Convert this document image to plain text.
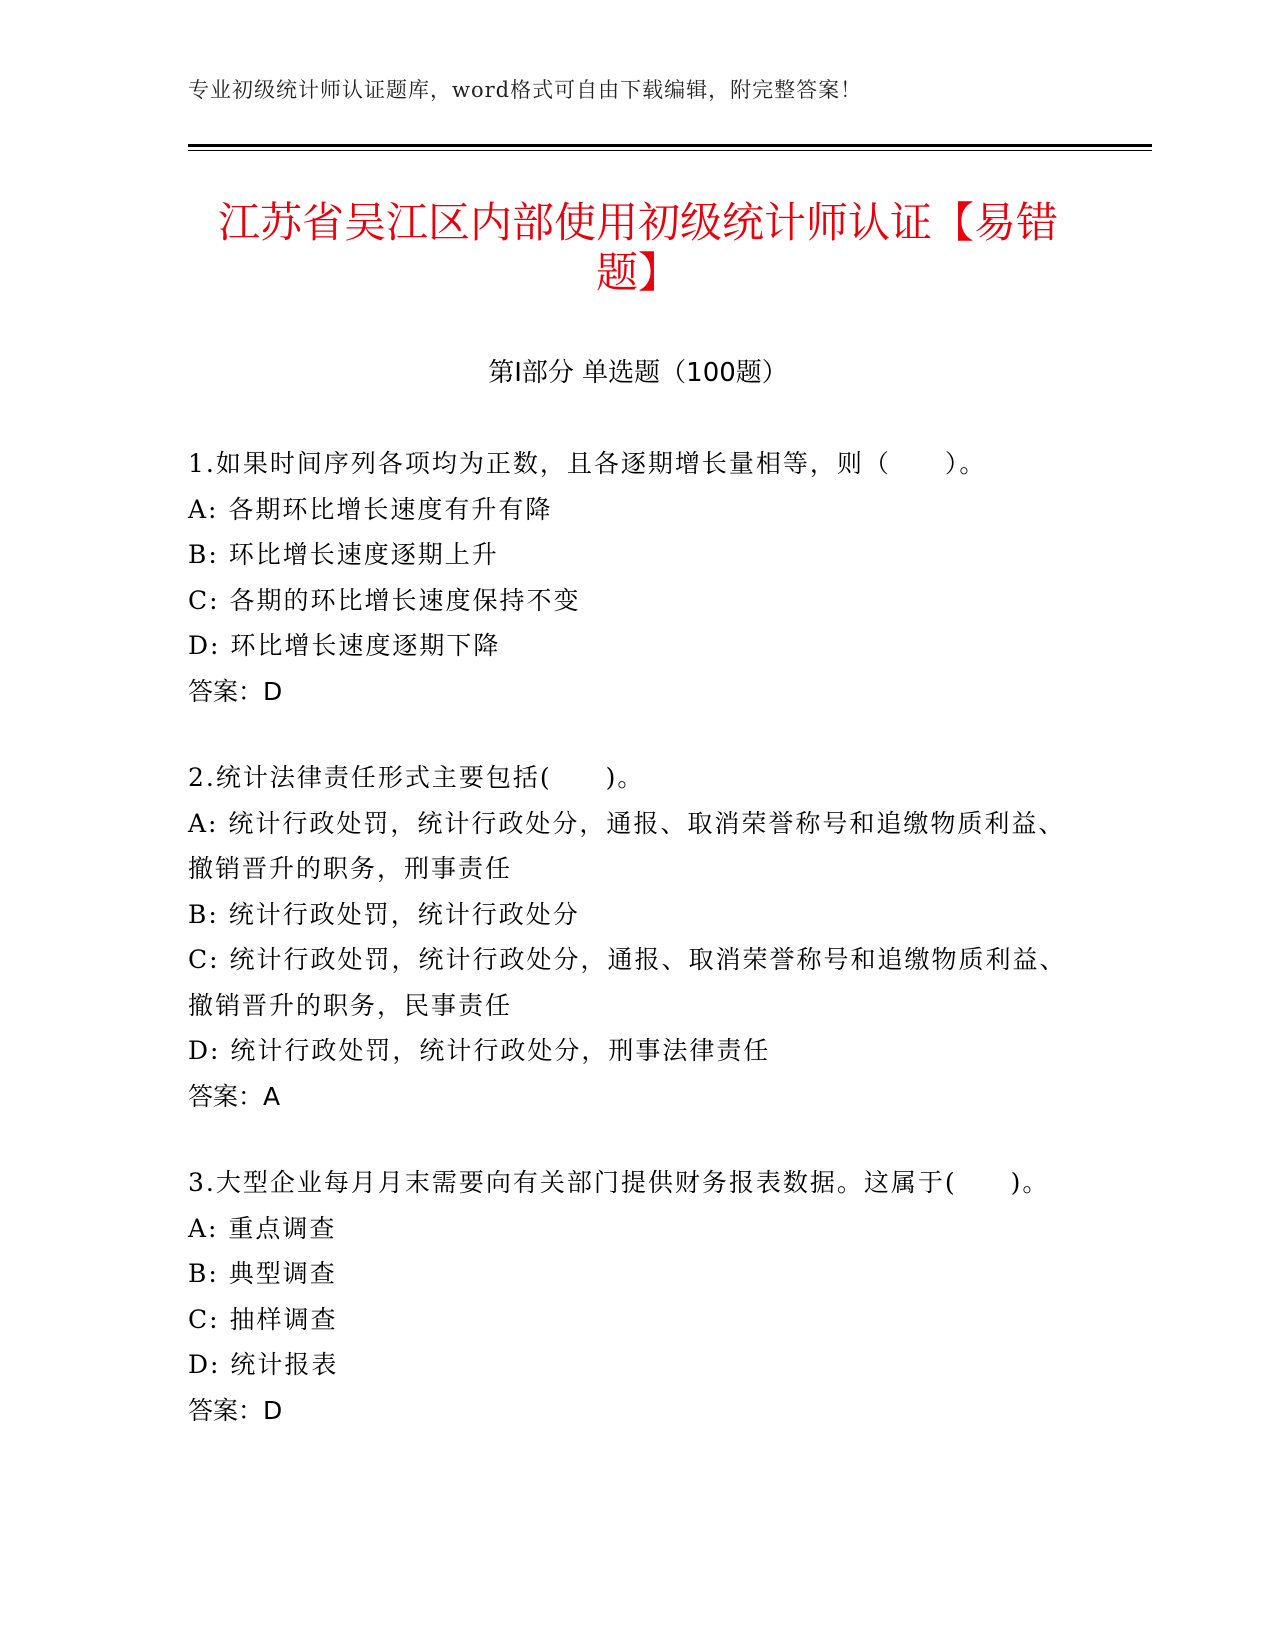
专业初级统计师认证题库，word格式可自由下载编辑，附完整答案！
江苏省吴江区内部使用初级统计师认证【易错题】
第Ⅰ部分 单选题（100题）

1.如果时间序列各项均为正数，且各逐期增长量相等，则（　　）。

A: 各期环比增长速度有升有降

B: 环比增长速度逐期上升

C: 各期的环比增长速度保持不变

D: 环比增长速度逐期下降

答案：D

2.统计法律责任形式主要包括(　　)。

A: 统计行政处罚，统计行政处分，通报、取消荣誉称号和追缴物质利益、撤销晋升的职务，刑事责任

B: 统计行政处罚，统计行政处分

C: 统计行政处罚，统计行政处分，通报、取消荣誉称号和追缴物质利益、撤销晋升的职务，民事责任

D: 统计行政处罚，统计行政处分，刑事法律责任

答案：A

3.大型企业每月月末需要向有关部门提供财务报表数据。这属于(　　)。

A: 重点调查

B: 典型调查

C: 抽样调查

D: 统计报表

答案：D
